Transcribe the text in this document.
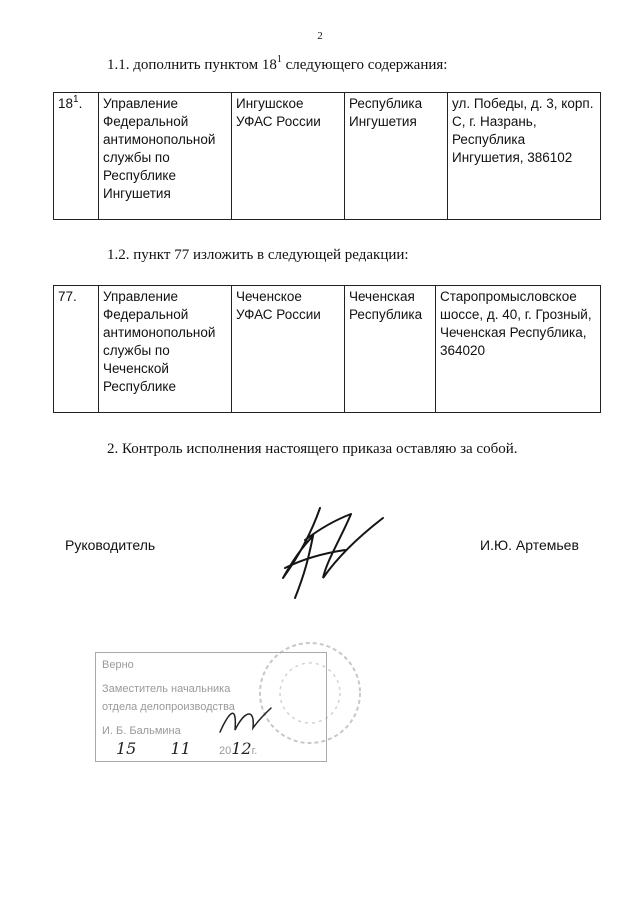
2
1.1. дополнить пунктом $18^1$ следующего содержания:
$18^1$.	Управление Федеральной антимонопольной службы по Республике Ингушетия	Ингушское УФАС России	Республика Ингушетия	ул. Победы, д. 3, корп. С, г. Назрань, Республика Ингушетия, 386102
1.2. пункт 77 изложить в следующей редакции:
77.	Управление Федеральной антимонопольной службы по Чеченской Республике	Чеченское УФАС России	Чеченская Республика	Старопромысловское шоссе, д. 40, г. Грозный, Чеченская Республика, 364020
2. Контроль исполнения настоящего приказа оставляю за собой.
Руководитель	И.Ю. Артемьев
Верно
Заместитель начальника
отдела делопроизводства
И. Б. Бальмина
15 11	2012г.
